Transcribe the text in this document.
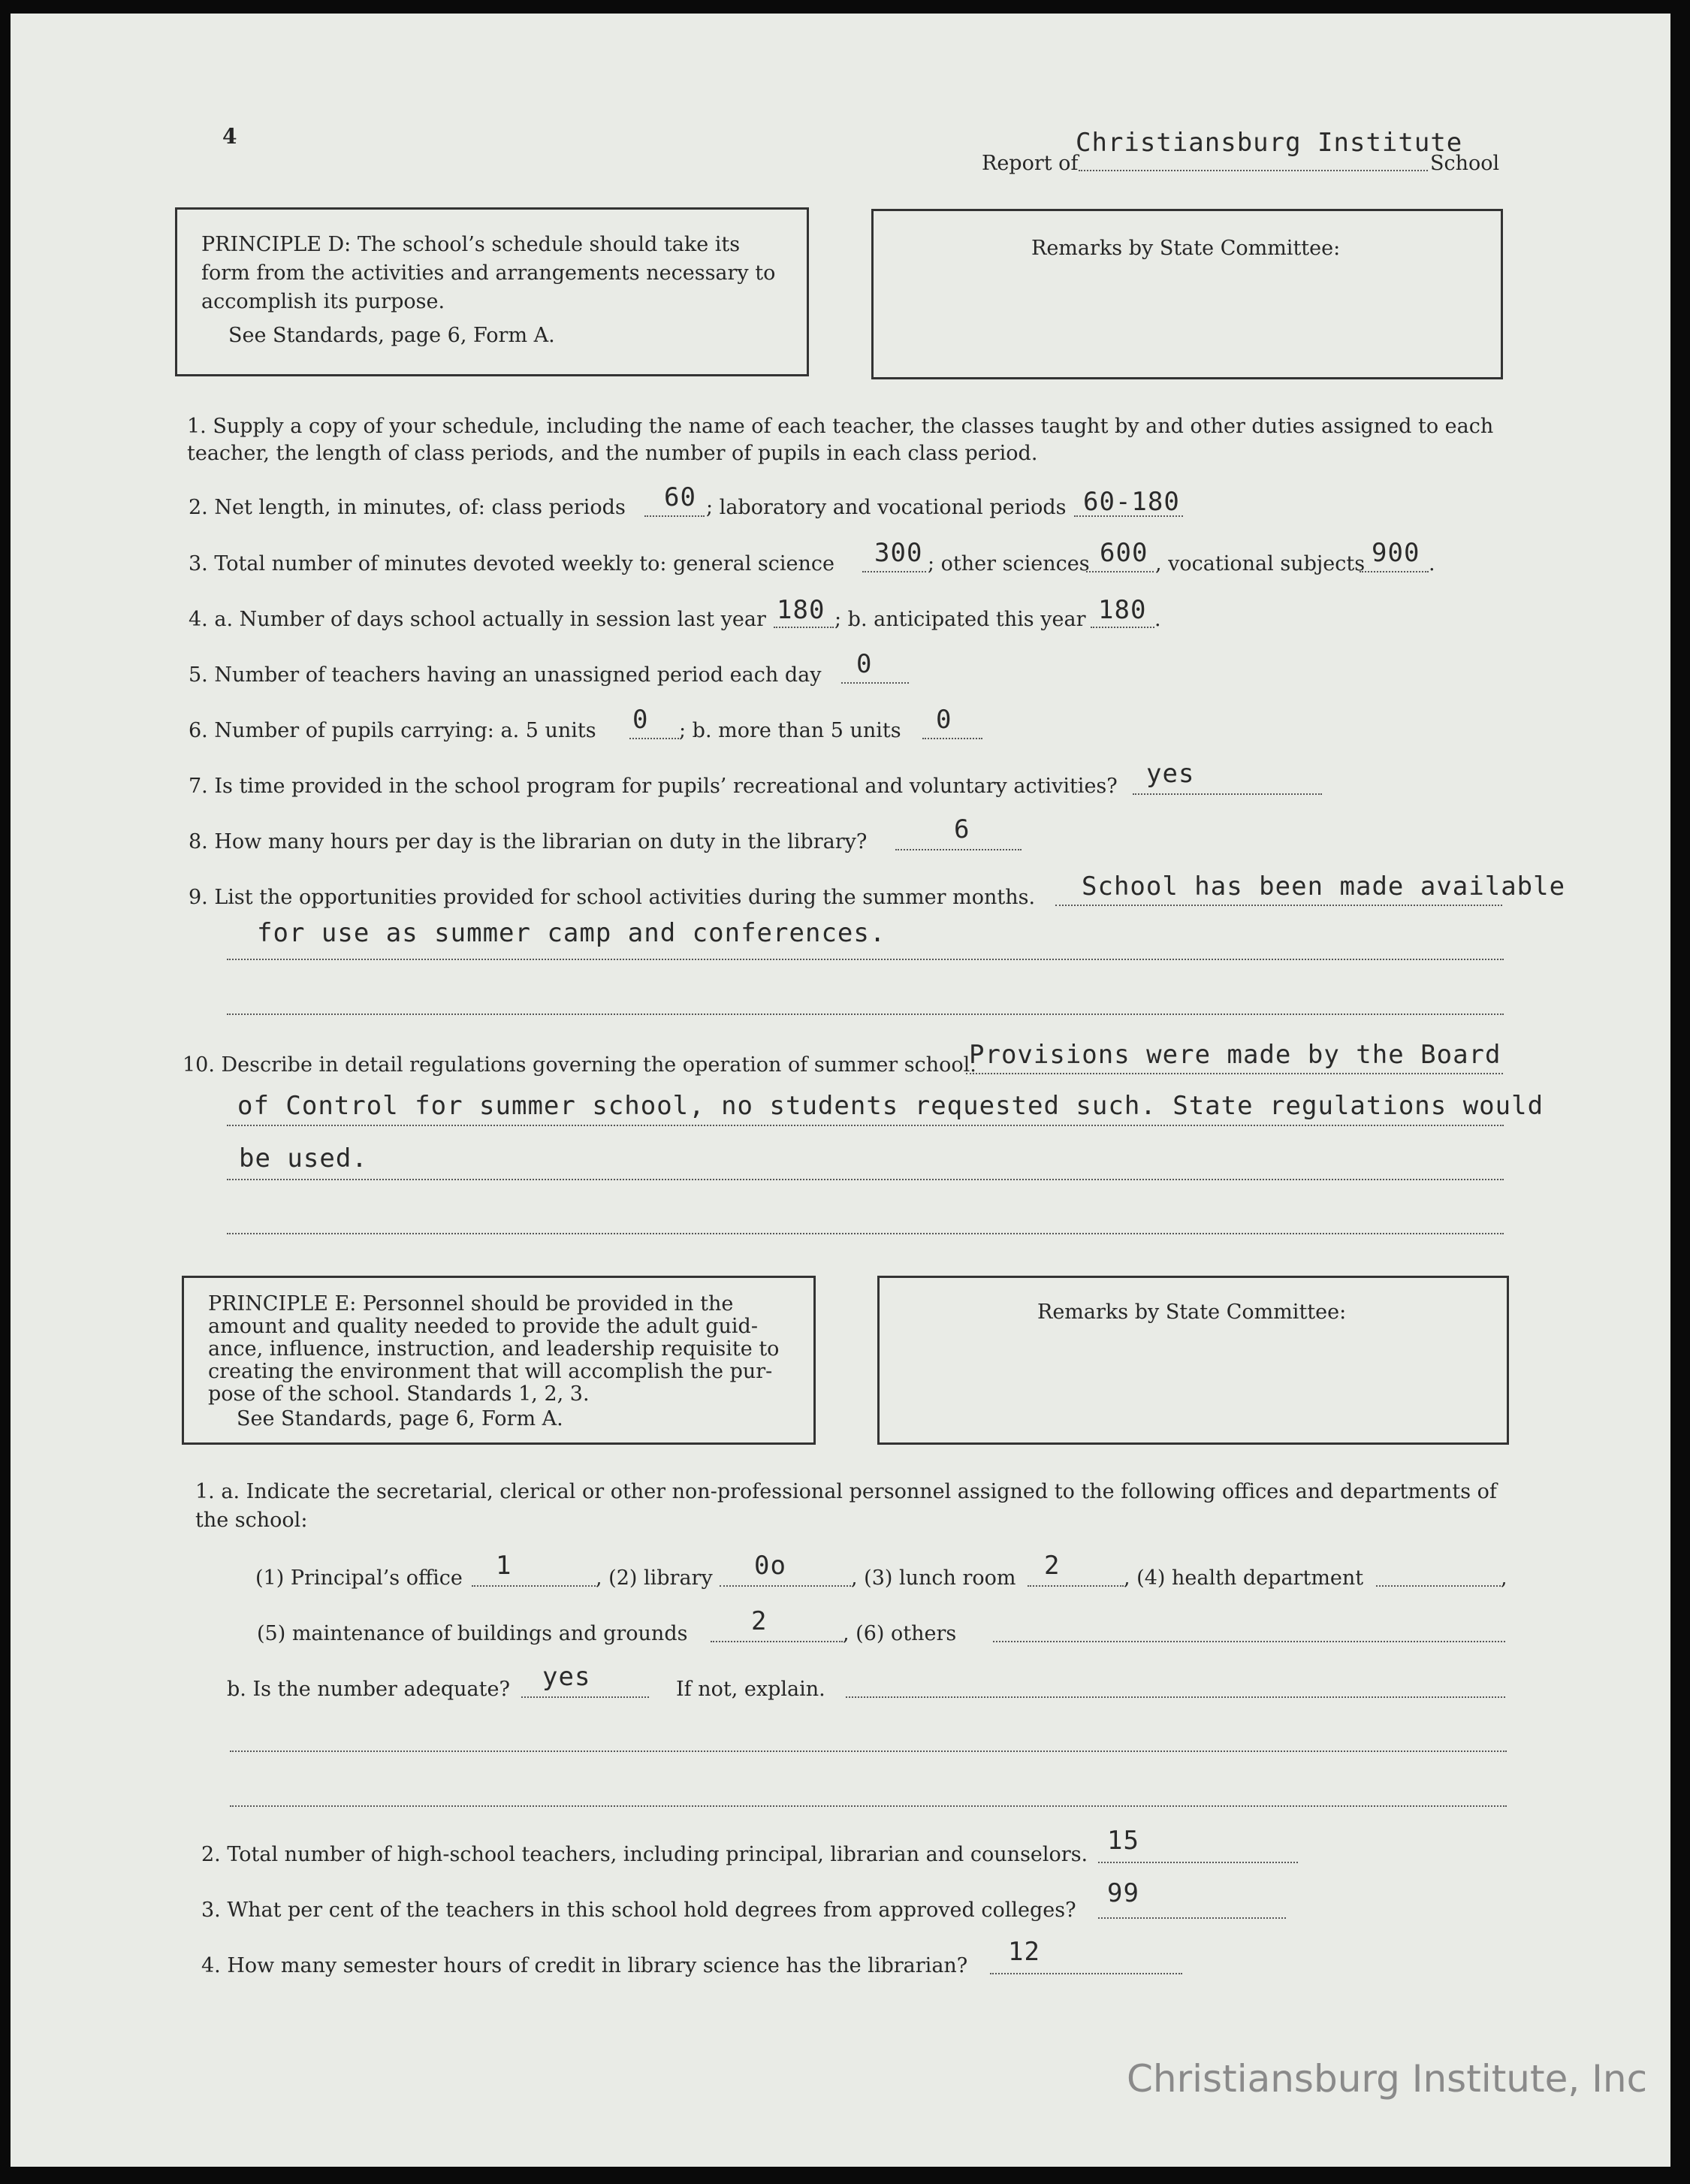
4
Report of
Christiansburg Institute
School
PRINCIPLE D: The school’s schedule should take its form from the activities and arrangements necessary to accomplish its purpose.
See Standards, page 6, Form A.
Remarks by State Committee:
1. Supply a copy of your schedule, including the name of each teacher, the classes taught by and other duties assigned to each teacher, the length of class periods, and the number of pupils in each class period.
2. Net length, in minutes, of: class periods 60 ; laboratory and vocational periods 60-180
3. Total number of minutes devoted weekly to: general science 300 ; other sciences 600 , vocational subjects 900 .
4. a. Number of days school actually in session last year 180 ; b. anticipated this year 180 .
5. Number of teachers having an unassigned period each day 0
6. Number of pupils carrying: a. 5 units 0 ; b. more than 5 units 0
7. Is time provided in the school program for pupils’ recreational and voluntary activities? yes
8. How many hours per day is the librarian on duty in the library?	6
9. List the opportunities provided for school activities during the summer months. School has been made available
for use as summer camp and conferences.
10. Describe in detail regulations governing the operation of summer school.
Provisions were made by the Board
of Control for summer school, no students requested such. State regulations would
be used.
PRINCIPLE E: Personnel should be provided in the
amount and quality needed to provide the adult guid-
ance, influence, instruction, and leadership requisite to
creating the environment that will accomplish the pur-
pose of the school. Standards 1, 2, 3.
See Standards, page 6, Form A.
Remarks by State Committee:
1. a. Indicate the secretarial, clerical or other non-professional personnel assigned to the following offices and departments of the school:
(1) Principal’s office 1	, (2) library 0o	, (3) lunch room 2	, (4) health department	,
(5) maintenance of buildings and grounds 2	, (6) others
b. Is the number adequate? yes	If not, explain.
2. Total number of high-school teachers, including principal, librarian and counselors. 15
3. What per cent of the teachers in this school hold degrees from approved colleges?
99
4. How many semester hours of credit in library science has the librarian? 12
Christiansburg Institute, Inc
